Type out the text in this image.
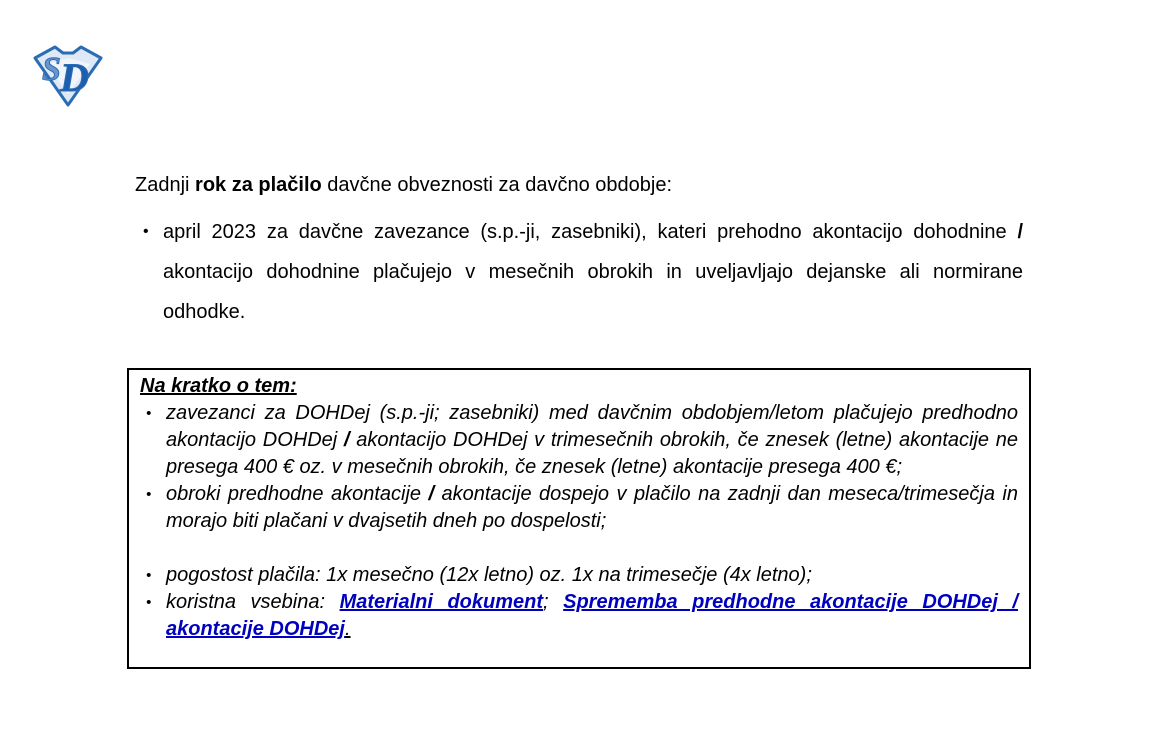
S D

Zadnji rok za plačilo davčne obveznosti za davčno obdobje:

• april 2023 za davčne zavezance (s.p.-ji, zasebniki), kateri prehodno akontacijo dohodnine / akontacijo dohodnine plačujejo v mesečnih obrokih in uveljavljajo dejanske ali normirane odhodke.

Na kratko o tem:

• zavezanci za DOHDej (s.p.-ji; zasebniki) med davčnim obdobjem/letom plačujejo predhodno akontacijo DOHDej / akontacijo DOHDej v trimesečnih obrokih, če znesek (letne) akontacije ne presega 400 € oz. v mesečnih obrokih, če znesek (letne) akontacije presega 400 €;
• obroki predhodne akontacije / akontacije dospejo v plačilo na zadnji dan meseca/trimesečja in morajo biti plačani v dvajsetih dneh po dospelosti;
• pogostost plačila: 1x mesečno (12x letno) oz. 1x na trimesečje (4x letno);
• koristna vsebina: Materialni dokument; Sprememba predhodne akontacije DOHDej / akontacije DOHDej.
